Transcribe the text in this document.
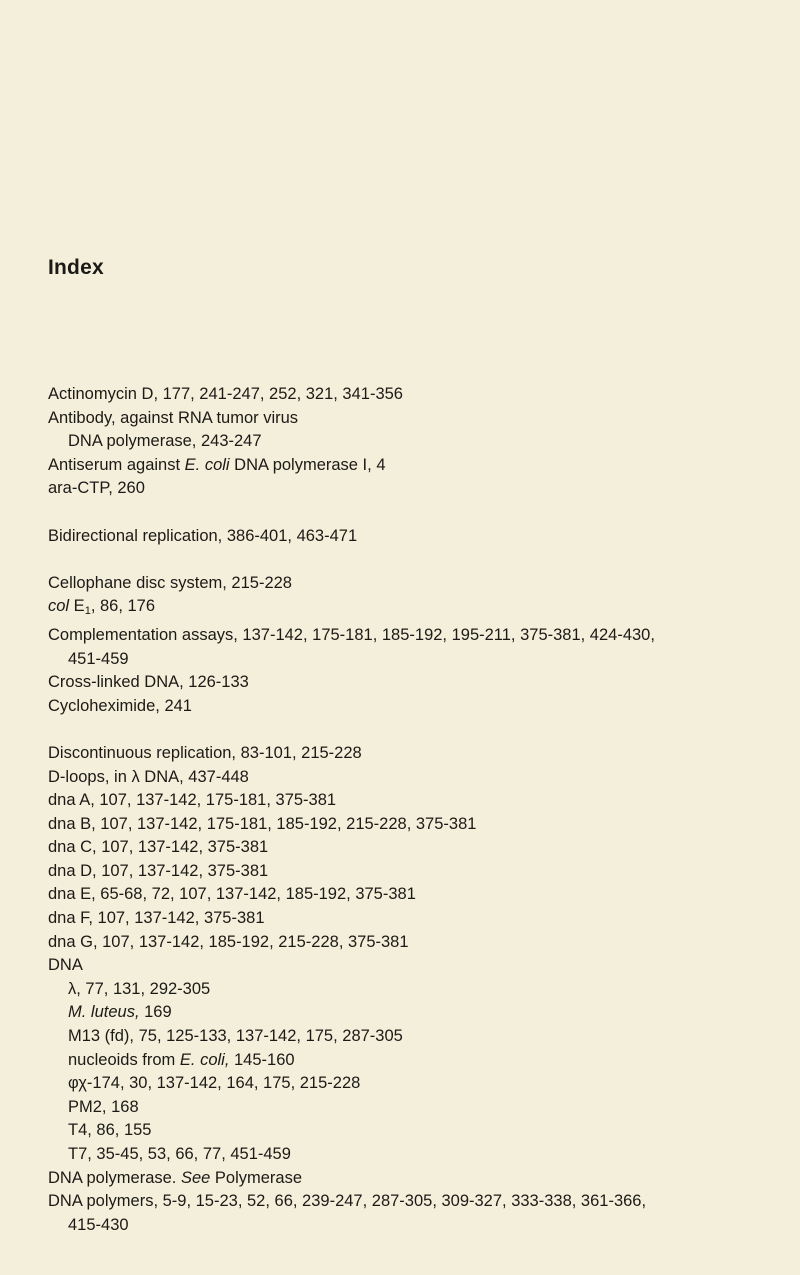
Index
Actinomycin D, 177, 241-247, 252, 321, 341-356
Antibody, against RNA tumor virus
DNA polymerase, 243-247
Antiserum against E. coli DNA polymerase I, 4
ara-CTP, 260
Bidirectional replication, 386-401, 463-471
Cellophane disc system, 215-228
col E1, 86, 176
Complementation assays, 137-142, 175-181, 185-192, 195-211, 375-381, 424-430,
451-459
Cross-linked DNA, 126-133
Cycloheximide, 241
Discontinuous replication, 83-101, 215-228
D-loops, in λ DNA, 437-448
dna A, 107, 137-142, 175-181, 375-381
dna B, 107, 137-142, 175-181, 185-192, 215-228, 375-381
dna C, 107, 137-142, 375-381
dna D, 107, 137-142, 375-381
dna E, 65-68, 72, 107, 137-142, 185-192, 375-381
dna F, 107, 137-142, 375-381
dna G, 107, 137-142, 185-192, 215-228, 375-381
DNA
λ, 77, 131, 292-305
M. luteus, 169
M13 (fd), 75, 125-133, 137-142, 175, 287-305
nucleoids from E. coli, 145-160
φχ-174, 30, 137-142, 164, 175, 215-228
PM2, 168
T4, 86, 155
T7, 35-45, 53, 66, 77, 451-459
DNA polymerase. See Polymerase
DNA polymers, 5-9, 15-23, 52, 66, 239-247, 287-305, 309-327, 333-338, 361-366,
415-430
